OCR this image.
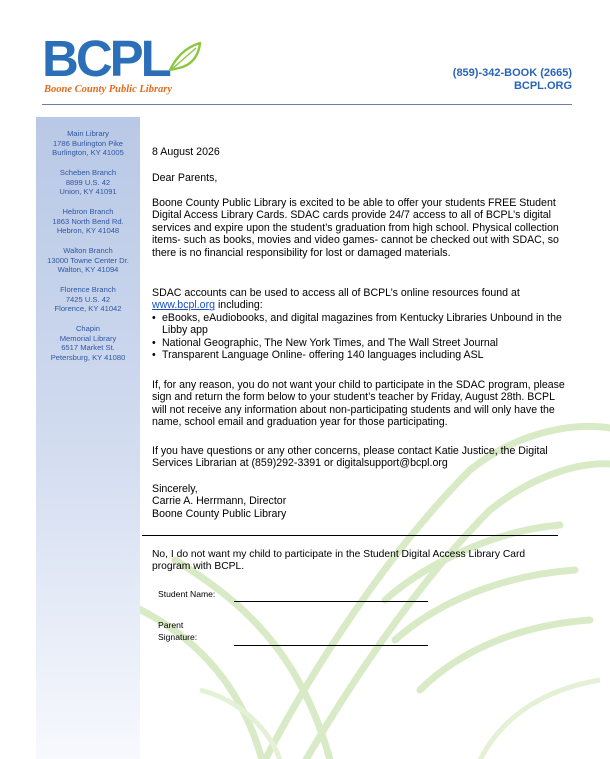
BCPL
Boone County Public Library
(859)-342-BOOK (2665)
BCPL.ORG
Main Library
1786 Burlington Pike
Burlington, KY 41005
Scheben Branch
8899 U.S. 42
Union, KY 41091
Hebron Branch
1863 North Bend Rd.
Hebron, KY 41048
Walton Branch
13000 Towne Center Dr.
Walton, KY 41094
Florence Branch
7425 U.S. 42
Florence, KY 41042
Chapin
Memorial Library
6517 Market St.
Petersburg, KY 41080
8 August 2026
Dear Parents,
Boone County Public Library is excited to be able to offer your students FREE Student Digital Access Library Cards. SDAC cards provide 24/7 access to all of BCPL’s digital services and expire upon the student’s graduation from high school. Physical collection items- such as books, movies and video games- cannot be checked out with SDAC, so there is no financial responsibility for lost or damaged materials.
SDAC accounts can be used to access all of BCPL’s online resources found at
www.bcpl.org including:
• eBooks, eAudiobooks, and digital magazines from Kentucky Libraries Unbound in the Libby app
• National Geographic, The New York Times, and The Wall Street Journal
• Transparent Language Online- offering 140 languages including ASL
If, for any reason, you do not want your child to participate in the SDAC program, please sign and return the form below to your student’s teacher by Friday, August 28th. BCPL will not receive any information about non-participating students and will only have the name, school email and graduation year for those participating.
If you have questions or any other concerns, please contact Katie Justice, the Digital Services Librarian at (859)292-3391 or digitalsupport@bcpl.org
Sincerely,
Carrie A. Herrmann, Director
Boone County Public Library
No, I do not want my child to participate in the Student Digital Access Library Card program with BCPL.
Student Name:
Parent
Signature:
